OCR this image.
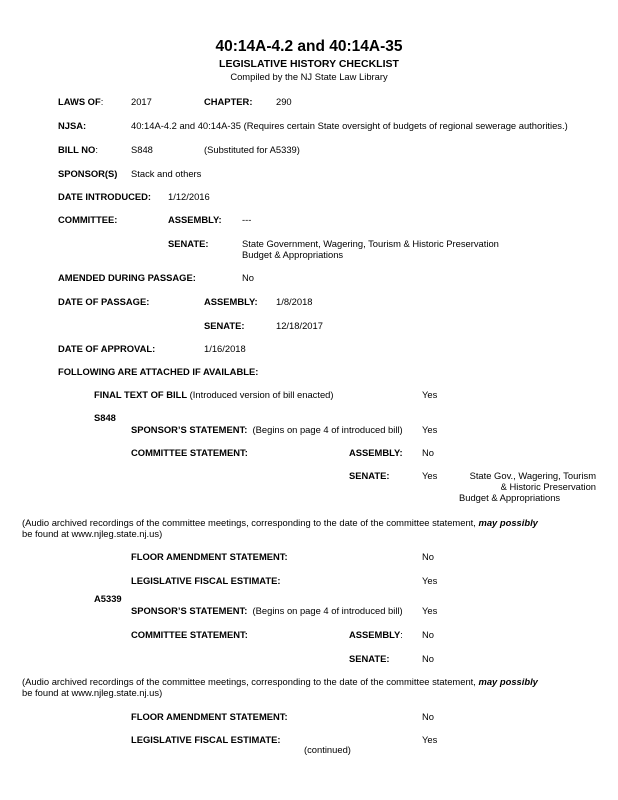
40:14A-4.2 and 40:14A-35
LEGISLATIVE HISTORY CHECKLIST
Compiled by the NJ State Law Library
LAWS OF:	2017	CHAPTER:	290
NJSA:	40:14A-4.2 and 40:14A-35 (Requires certain State oversight of budgets of regional sewerage authorities.)
BILL NO:	S848	(Substituted for A5339)
SPONSOR(S) Stack and others
DATE INTRODUCED: 1/12/2016
COMMITTEE:	ASSEMBLY: ---
SENATE:	State Government, Wagering, Tourism & Historic Preservation
Budget & Appropriations
AMENDED DURING PASSAGE:	No
DATE OF PASSAGE:	ASSEMBLY: 1/8/2018
SENATE:	12/18/2017
DATE OF APPROVAL:	1/16/2018
FOLLOWING ARE ATTACHED IF AVAILABLE:
FINAL TEXT OF BILL (Introduced version of bill enacted)	Yes
S848
SPONSOR’S STATEMENT: (Begins on page 4 of introduced bill) Yes
COMMITTEE STATEMENT:	ASSEMBLY: No
SENATE:	Yes	State Gov., Wagering, Tourism
& Historic Preservation
Budget & Appropriations
(Audio archived recordings of the committee meetings, corresponding to the date of the committee statement, may possibly
be found at www.njleg.state.nj.us)
FLOOR AMENDMENT STATEMENT:	No
LEGISLATIVE FISCAL ESTIMATE:	Yes
A5339
SPONSOR’S STATEMENT: (Begins on page 4 of introduced bill) Yes
COMMITTEE STATEMENT:	ASSEMBLY: No
SENATE:	No
(Audio archived recordings of the committee meetings, corresponding to the date of the committee statement, may possibly
be found at www.njleg.state.nj.us)
FLOOR AMENDMENT STATEMENT:	No
LEGISLATIVE FISCAL ESTIMATE:	Yes
(continued)
